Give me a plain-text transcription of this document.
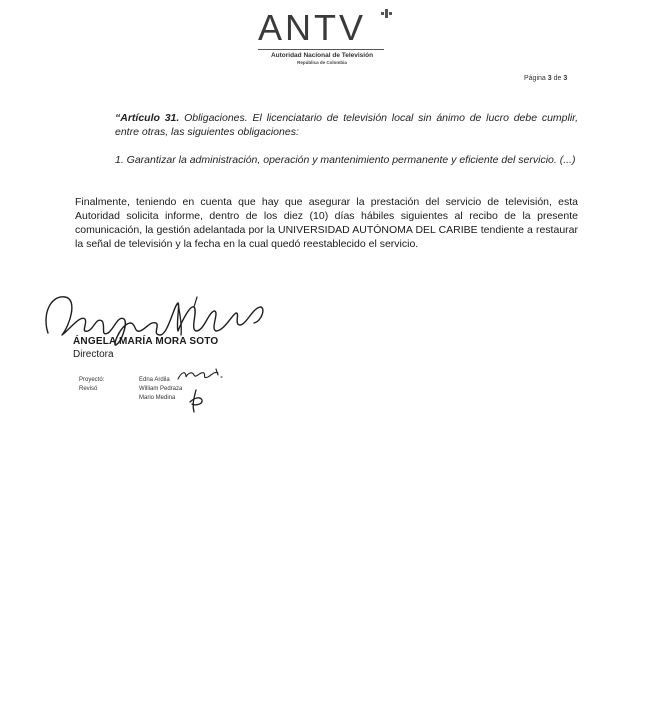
ANTV
Autoridad Nacional de Televisión
República de Colombia
Página 3 de 3
“Artículo 31. Obligaciones. El licenciatario de televisión local sin ánimo de lucro debe cumplir, entre otras, las siguientes obligaciones:
1. Garantizar la administración, operación y mantenimiento permanente y eficiente del servicio. (...)
Finalmente, teniendo en cuenta que hay que asegurar la prestación del servicio de televisión, esta Autoridad solicita informe, dentro de los diez (10) días hábiles siguientes al recibo de la presente comunicación, la gestión adelantada por la UNIVERSIDAD AUTÓNOMA DEL CARIBE tendiente a restaurar la señal de televisión y la fecha en la cual quedó reestablecido el servicio.
ÁNGELA MARÍA MORA SOTO
Directora
Proyectó:	Edna Ardila
Revisó	William Pedraza
Mario Medina
